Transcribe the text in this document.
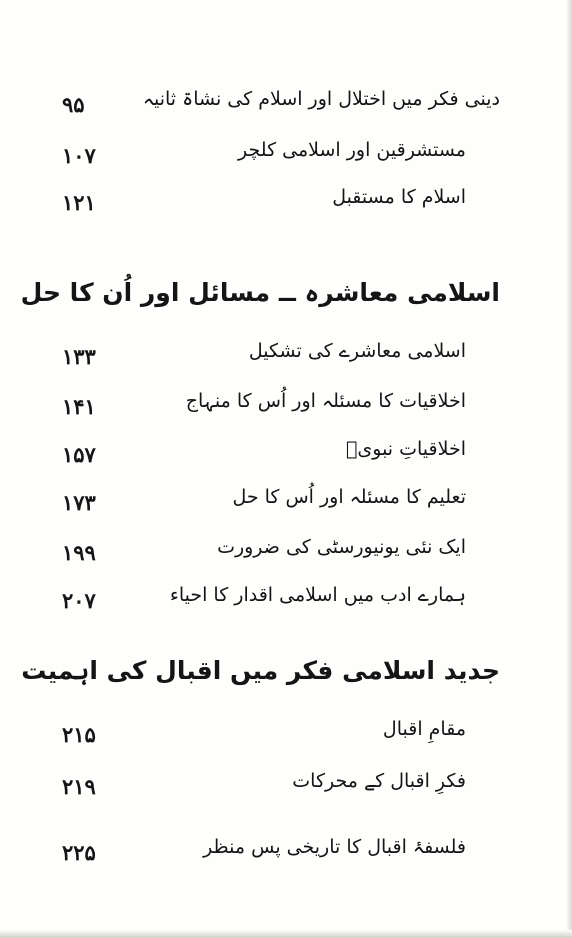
۹۵	دینی فکر میں اختلال اور اسلام کی نشاۃ ثانیہ
۱۰۷	مستشرقین اور اسلامی کلچر
۱۲۱	اسلام کا مستقبل
اسلامی معاشرہ ــ مسائل اور اُن کا حل
۱۳۳	اسلامی معاشرے کی تشکیل
۱۴۱	اخلاقیات کا مسئلہ اور اُس کا منہاج
۱۵۷	اخلاقیاتِ نبویؐ
۱۷۳	تعلیم کا مسئلہ اور اُس کا حل
۱۹۹	ایک نئی یونیورسٹی کی ضرورت
۲۰۷	ہمارے ادب میں اسلامی اقدار کا احیاء
جدید اسلامی فکر میں اقبال کی اہمیت
۲۱۵	مقامِ اقبال
۲۱۹	فکرِ اقبال کے محرکات
۲۲۵	فلسفۂ اقبال کا تاریخی پس منظر
